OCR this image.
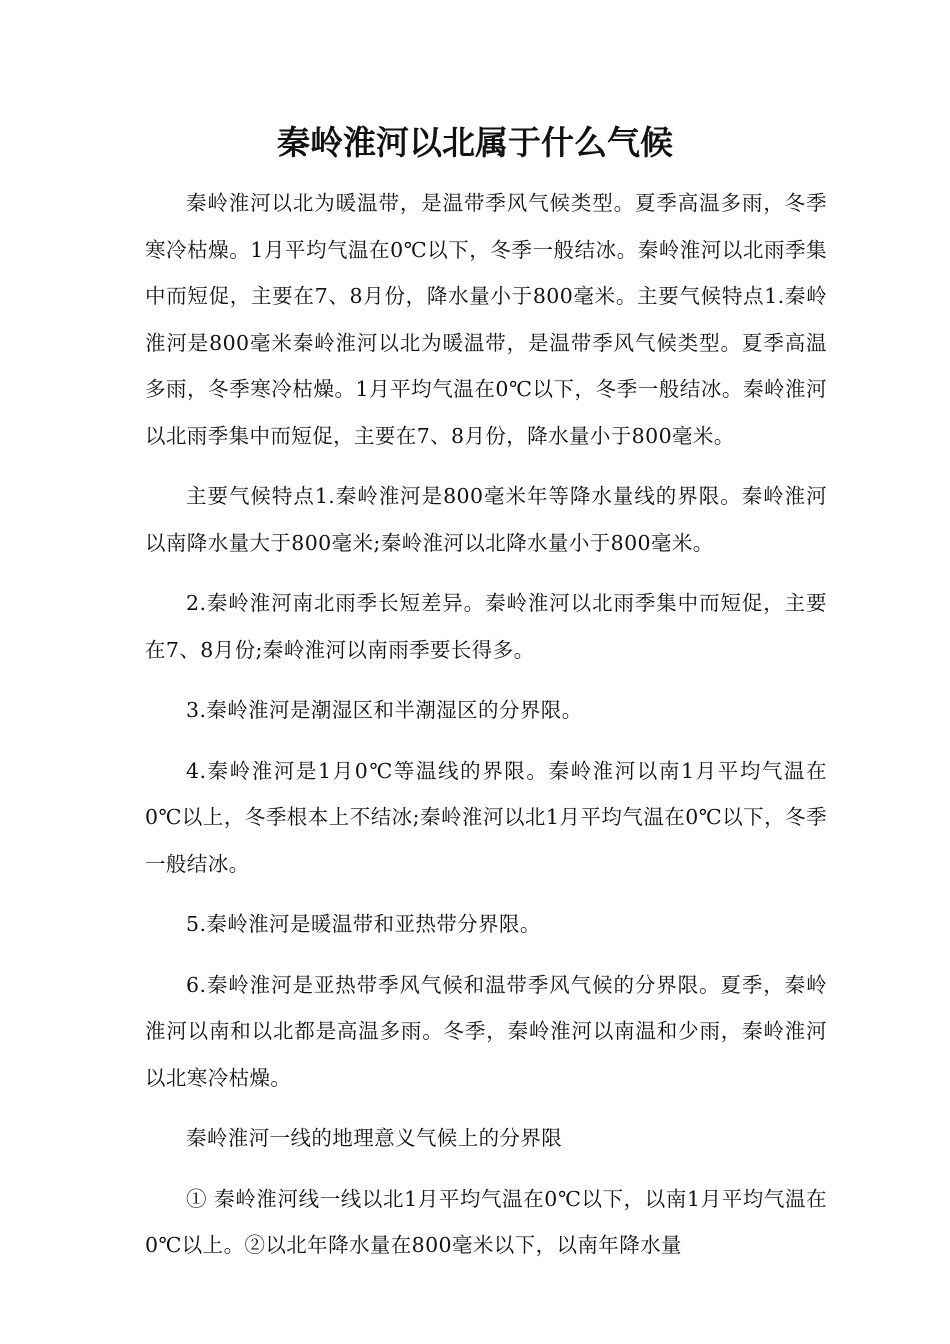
秦岭淮河以北属于什么气候

秦岭淮河以北为暖温带，是温带季风气候类型。夏季高温多雨，冬季寒冷枯燥。1月平均气温在0℃以下，冬季一般结冰。秦岭淮河以北雨季集中而短促，主要在7、8月份，降水量小于800毫米。主要气候特点1.秦岭淮河是800毫米秦岭淮河以北为暖温带，是温带季风气候类型。夏季高温多雨，冬季寒冷枯燥。1月平均气温在0℃以下，冬季一般结冰。秦岭淮河以北雨季集中而短促，主要在7、8月份，降水量小于800毫米。

主要气候特点1.秦岭淮河是800毫米年等降水量线的界限。秦岭淮河以南降水量大于800毫米;秦岭淮河以北降水量小于800毫米。

2.秦岭淮河南北雨季长短差异。秦岭淮河以北雨季集中而短促，主要在7、8月份;秦岭淮河以南雨季要长得多。

3.秦岭淮河是潮湿区和半潮湿区的分界限。

4.秦岭淮河是1月0℃等温线的界限。秦岭淮河以南1月平均气温在0℃以上，冬季根本上不结冰;秦岭淮河以北1月平均气温在0℃以下，冬季一般结冰。

5.秦岭淮河是暖温带和亚热带分界限。

6.秦岭淮河是亚热带季风气候和温带季风气候的分界限。夏季，秦岭淮河以南和以北都是高温多雨。冬季，秦岭淮河以南温和少雨，秦岭淮河以北寒冷枯燥。

秦岭淮河一线的地理意义气候上的分界限

① 秦岭淮河线一线以北1月平均气温在0℃以下，以南1月平均气温在0℃以上。②以北年降水量在800毫米以下，以南年降水量
